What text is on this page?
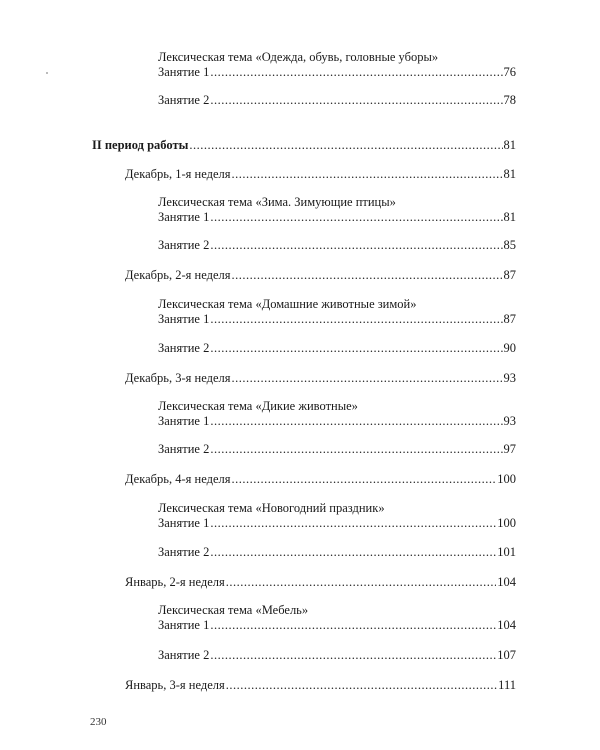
Лексическая тема «Одежда, обувь, головные уборы»
Занятие 1 .....	76
Занятие 2 .....	78
II период работы .....	81
Декабрь, 1-я неделя .....	81
Лексическая тема «Зима. Зимующие птицы»
Занятие 1 .....	81
Занятие 2 .....	85
Декабрь, 2-я неделя .....	87
Лексическая тема «Домашние животные зимой»
Занятие 1 .....	87
Занятие 2 .....	90
Декабрь, 3-я неделя .....	93
Лексическая тема «Дикие животные»
Занятие 1 .....	93
Занятие 2 .....	97
Декабрь, 4-я неделя .....	100
Лексическая тема «Новогодний праздник»
Занятие 1 .....	100
Занятие 2 .....	101
Январь, 2-я неделя .....	104
Лексическая тема «Мебель»
Занятие 1 .....	104
Занятие 2 .....	107
Январь, 3-я неделя .....	111
230
